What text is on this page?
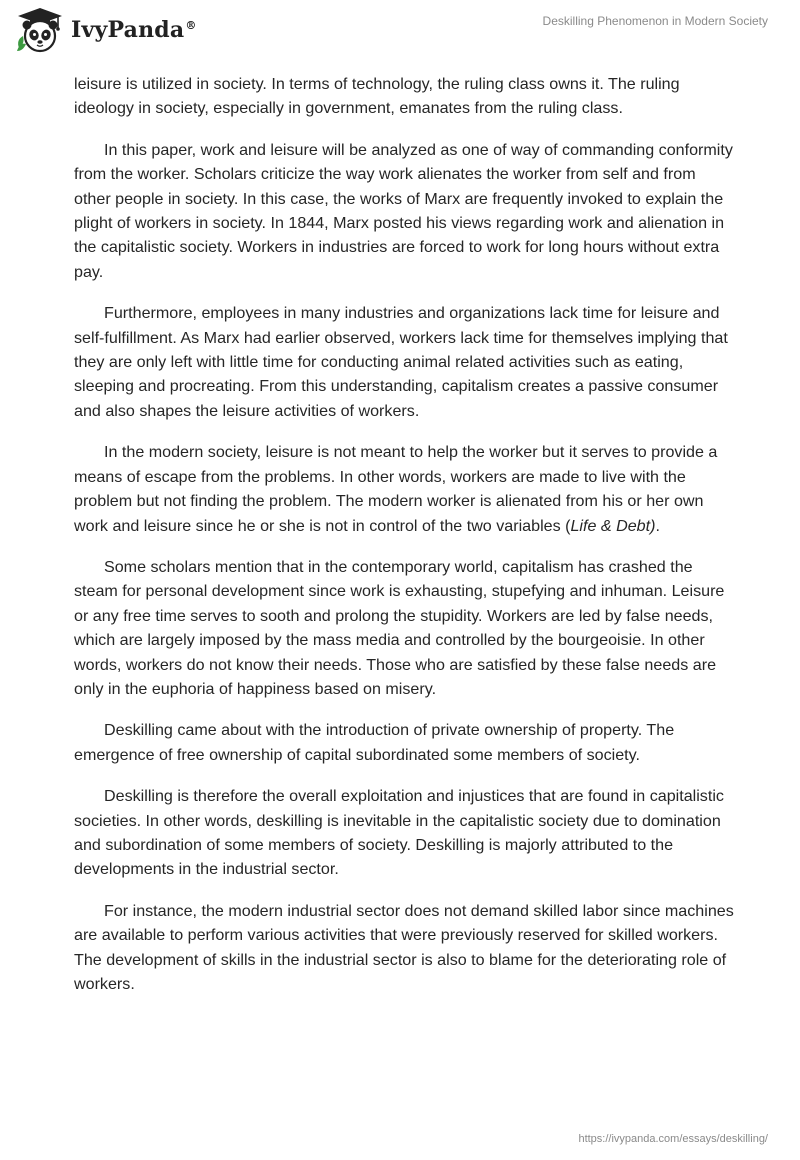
IvyPanda®	Deskilling Phenomenon in Modern Society

leisure is utilized in society. In terms of technology, the ruling class owns it. The ruling ideology in society, especially in government, emanates from the ruling class.

In this paper, work and leisure will be analyzed as one of way of commanding conformity from the worker. Scholars criticize the way work alienates the worker from self and from other people in society. In this case, the works of Marx are frequently invoked to explain the plight of workers in society. In 1844, Marx posted his views regarding work and alienation in the capitalistic society. Workers in industries are forced to work for long hours without extra pay.

Furthermore, employees in many industries and organizations lack time for leisure and self-fulfillment. As Marx had earlier observed, workers lack time for themselves implying that they are only left with little time for conducting animal related activities such as eating, sleeping and procreating. From this understanding, capitalism creates a passive consumer and also shapes the leisure activities of workers.

In the modern society, leisure is not meant to help the worker but it serves to provide a means of escape from the problems. In other words, workers are made to live with the problem but not finding the problem. The modern worker is alienated from his or her own work and leisure since he or she is not in control of the two variables (Life & Debt).

Some scholars mention that in the contemporary world, capitalism has crashed the steam for personal development since work is exhausting, stupefying and inhuman. Leisure or any free time serves to sooth and prolong the stupidity. Workers are led by false needs, which are largely imposed by the mass media and controlled by the bourgeoisie. In other words, workers do not know their needs. Those who are satisfied by these false needs are only in the euphoria of happiness based on misery.

Deskilling came about with the introduction of private ownership of property. The emergence of free ownership of capital subordinated some members of society.

Deskilling is therefore the overall exploitation and injustices that are found in capitalistic societies. In other words, deskilling is inevitable in the capitalistic society due to domination and subordination of some members of society. Deskilling is majorly attributed to the developments in the industrial sector.

For instance, the modern industrial sector does not demand skilled labor since machines are available to perform various activities that were previously reserved for skilled workers. The development of skills in the industrial sector is also to blame for the deteriorating role of workers.

https://ivypanda.com/essays/deskilling/
